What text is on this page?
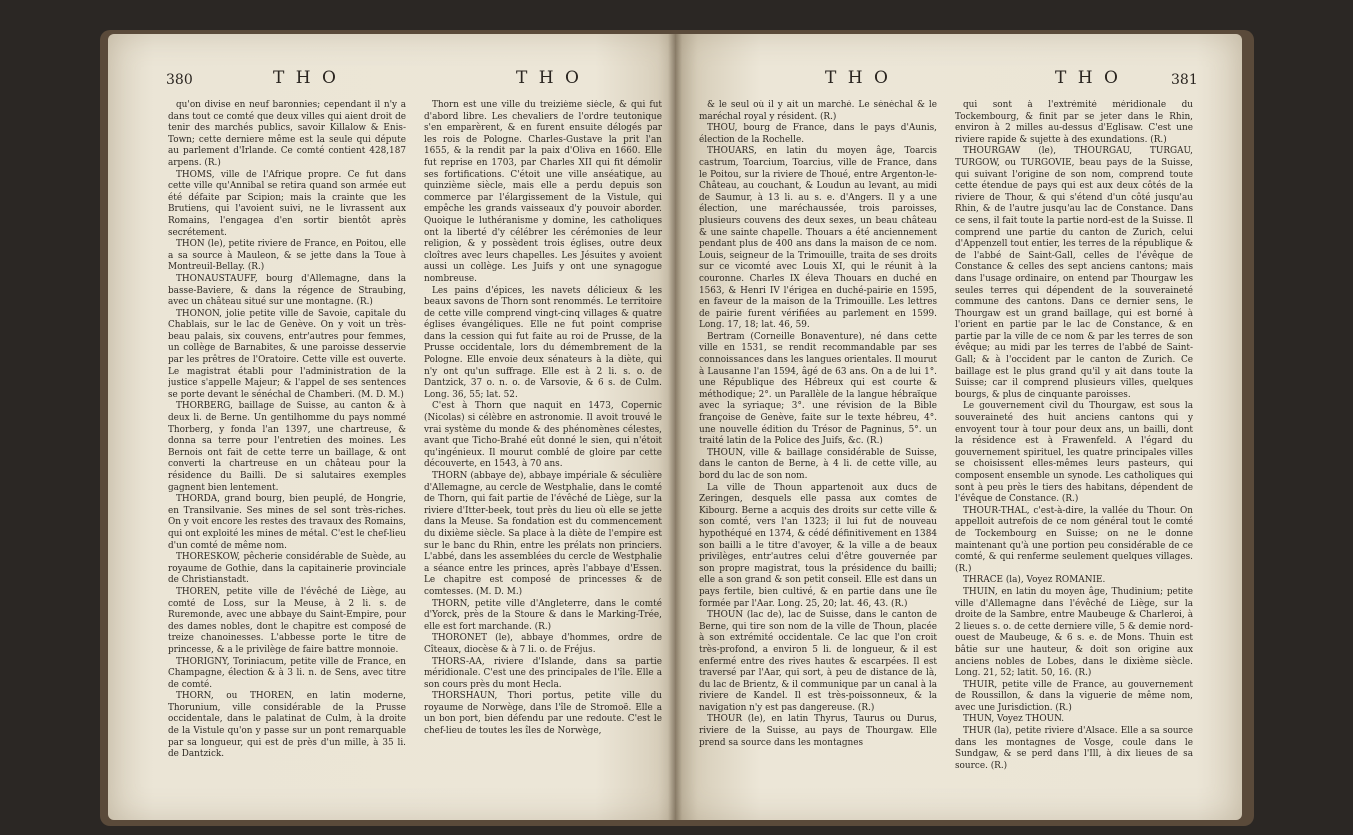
380	T H O	T H O

qu'on divise en neuf baronnies; cependant il n'y a dans tout ce comté que deux villes qui aient droit de tenir des marchés publics, savoir Killalow & Enis-Town; cette derniere même est la seule qui députe au parlement d'Irlande. Ce comté contient 428,187 arpens. (R.)

THOMS, ville de l'Afrique propre. Ce fut dans cette ville qu'Annibal se retira quand son armée eut été défaite par Scipion; mais la crainte que les Brutiens, qui l'avoient suivi, ne le livrassent aux Romains, l'engagea d'en sortir bientôt après secrétement.

THON (le), petite riviere de France, en Poitou, elle a sa source à Mauleon, & se jette dans la Toue à Montreuil-Bellay. (R.)

THONAUSTAUFF, bourg d'Allemagne, dans la basse-Baviere, & dans la régence de Straubing, avec un château situé sur une montagne. (R.)

THONON, jolie petite ville de Savoie, capitale du Chablais, sur le lac de Genève. On y voit un très-beau palais, six couvens, entr'autres pour femmes, un collège de Barnabites, & une paroisse desservie par les prêtres de l'Oratoire. Cette ville est ouverte. Le magistrat établi pour l'administration de la justice s'appelle Majeur; & l'appel de ses sentences se porte devant le sénéchal de Chamberi. (M. D. M.)

THORBERG, baillage de Suisse, au canton & à deux li. de Berne. Un gentilhomme du pays nommé Thorberg, y fonda l'an 1397, une chartreuse, & donna sa terre pour l'entretien des moines. Les Bernois ont fait de cette terre un baillage, & ont converti la chartreuse en un château pour la résidence du Bailli. De si salutaires exemples gagnent bien lentement.

THORDA, grand bourg, bien peuplé, de Hongrie, en Transilvanie. Ses mines de sel sont très-riches. On y voit encore les restes des travaux des Romains, qui ont exploité les mines de métal. C'est le chef-lieu d'un comté de même nom.

THORESKOW, pêcherie considérable de Suède, au royaume de Gothie, dans la capitainerie provinciale de Christianstadt.

THOREN, petite ville de l'évêché de Liège, au comté de Loss, sur la Meuse, à 2 li. s. de Ruremonde, avec une abbaye du Saint-Empire, pour des dames nobles, dont le chapitre est composé de treize chanoinesses. L'abbesse porte le titre de princesse, & a le privilège de faire battre monnoie.

THORIGNY, Toriniacum, petite ville de France, en Champagne, élection & à 3 li. n. de Sens, avec titre de comté.

THORN, ou THOREN, en latin moderne, Thorunium, ville considérable de la Prusse occidentale, dans le palatinat de Culm, à la droite de la Vistule qu'on y passe sur un pont remarquable par sa longueur, qui est de près d'un mille, à 35 li. de Dantzick.

Thorn est une ville du treizième siècle, & qui fut d'abord libre. Les chevaliers de l'ordre teutonique s'en emparèrent, & en furent ensuite délogés par les rois de Pologne. Charles-Gustave la prit l'an 1655, & la rendit par la paix d'Oliva en 1660. Elle fut reprise en 1703, par Charles XII qui fit démolir ses fortifications. C'étoit une ville anséatique, au quinzième siècle, mais elle a perdu depuis son commerce par l'élargissement de la Vistule, qui empêche les grands vaisseaux d'y pouvoir aborder. Quoique le luthéranisme y domine, les catholiques ont la liberté d'y célébrer les cérémonies de leur religion, & y possèdent trois églises, outre deux cloîtres avec leurs chapelles. Les Jésuites y avoient aussi un collège. Les Juifs y ont une synagogue nombreuse.

Les pains d'épices, les navets délicieux & les beaux savons de Thorn sont renommés. Le territoire de cette ville comprend vingt-cinq villages & quatre églises évangéliques. Elle ne fut point comprise dans la cession qui fut faite au roi de Prusse, de la Prusse occidentale, lors du démembrement de la Pologne. Elle envoie deux sénateurs à la diète, qui n'y ont qu'un suffrage. Elle est à 2 li. s. o. de Dantzick, 37 o. n. o. de Varsovie, & 6 s. de Culm. Long. 36, 55; lat. 52.

C'est à Thorn que naquit en 1473, Copernic (Nicolas) si célèbre en astronomie. Il avoit trouvé le vrai système du monde & des phénomènes célestes, avant que Ticho-Brahé eût donné le sien, qui n'étoit qu'ingénieux. Il mourut comblé de gloire par cette découverte, en 1543, à 70 ans.

THORN (abbaye de), abbaye impériale & séculière d'Allemagne, au cercle de Westphalie, dans le comté de Thorn, qui fait partie de l'évêché de Liège, sur la riviere d'Itter-beek, tout près du lieu où elle se jette dans la Meuse. Sa fondation est du commencement du dixième siècle. Sa place à la diète de l'empire est sur le banc du Rhin, entre les prélats non princiers. L'abbé, dans les assemblées du cercle de Westphalie a séance entre les princes, après l'abbaye d'Essen. Le chapitre est composé de princesses & de comtesses. (M. D. M.)

THORN, petite ville d'Angleterre, dans le comté d'Yorck, près de la Stoure & dans le Marking-Trée, elle est fort marchande. (R.)

THORONET (le), abbaye d'hommes, ordre de Cîteaux, diocèse & à 7 li. o. de Fréjus.

THORS-AA, riviere d'Islande, dans sa partie méridionale. C'est une des principales de l'île. Elle a son cours près du mont Hecla.

THORSHAUN, Thori portus, petite ville du royaume de Norwège, dans l'île de Stromoë. Elle a un bon port, bien défendu par une redoute. C'est le chef-lieu de toutes les îles de Norwège,

T H O	T H O	381

& le seul où il y ait un marché. Le sénéchal & le maréchal royal y résident. (R.)

THOU, bourg de France, dans le pays d'Aunis, élection de la Rochelle.

THOUARS, en latin du moyen âge, Toarcis castrum, Toarcium, Toarcius, ville de France, dans le Poitou, sur la riviere de Thoué, entre Argenton-le-Château, au couchant, & Loudun au levant, au midi de Saumur, à 13 li. au s. e. d'Angers. Il y a une élection, une maréchaussée, trois paroisses, plusieurs couvens des deux sexes, un beau château & une sainte chapelle. Thouars a été anciennement pendant plus de 400 ans dans la maison de ce nom. Louis, seigneur de la Trimouille, traita de ses droits sur ce vicomté avec Louis XI, qui le réunit à la couronne. Charles IX éleva Thouars en duché en 1563, & Henri IV l'érigea en duché-pairie en 1595, en faveur de la maison de la Trimouille. Les lettres de pairie furent vérifiées au parlement en 1599. Long. 17, 18; lat. 46, 59.

Bertram (Corneille Bonaventure), né dans cette ville en 1531, se rendit recommandable par ses connoissances dans les langues orientales. Il mourut à Lausanne l'an 1594, âgé de 63 ans. On a de lui 1°. une République des Hébreux qui est courte & méthodique; 2°. un Parallèle de la langue hébraïque avec la syriaque; 3°. une révision de la Bible françoise de Genève, faite sur le texte hébreu, 4°. une nouvelle édition du Trésor de Pagninus, 5°. un traité latin de la Police des Juifs, &c. (R.)

THOUN, ville & baillage considérable de Suisse, dans le canton de Berne, à 4 li. de cette ville, au bord du lac de son nom.

La ville de Thoun appartenoit aux ducs de Zeringen, desquels elle passa aux comtes de Kibourg. Berne a acquis des droits sur cette ville & son comté, vers l'an 1323; il lui fut de nouveau hypothéqué en 1374, & cédé définitivement en 1384 son bailli a le titre d'avoyer, & la ville a de beaux privilèges, entr'autres celui d'être gouvernée par son propre magistrat, tous la présidence du bailli; elle a son grand & son petit conseil. Elle est dans un pays fertile, bien cultivé, & en partie dans une île formée par l'Aar. Long. 25, 20; lat. 46, 43. (R.)

THOUN (lac de), lac de Suisse, dans le canton de Berne, qui tire son nom de la ville de Thoun, placée à son extrémité occidentale. Ce lac que l'on croit très-profond, a environ 5 li. de longueur, & il est enfermé entre des rives hautes & escarpées. Il est traversé par l'Aar, qui sort, à peu de distance de là, du lac de Brientz, & il communique par un canal à la riviere de Kandel. Il est très-poissonneux, & la navigation n'y est pas dangereuse. (R.)

THOUR (le), en latin Thyrus, Taurus ou Durus, riviere de la Suisse, au pays de Thourgaw. Elle prend sa source dans les montagnes

qui sont à l'extrémité méridionale du Tockembourg, & finit par se jeter dans le Rhin, environ à 2 milles au-dessus d'Eglisaw. C'est une riviere rapide & sujette à des exundations. (R.)

THOURGAW (le), THOURGAU, TURGAU, TURGOW, ou TURGOVIE, beau pays de la Suisse, qui suivant l'origine de son nom, comprend toute cette étendue de pays qui est aux deux côtés de la riviere de Thour, & qui s'étend d'un côté jusqu'au Rhin, & de l'autre jusqu'au lac de Constance. Dans ce sens, il fait toute la partie nord-est de la Suisse. Il comprend une partie du canton de Zurich, celui d'Appenzell tout entier, les terres de la république & de l'abbé de Saint-Gall, celles de l'évêque de Constance & celles des sept anciens cantons; mais dans l'usage ordinaire, on entend par Thourgaw les seules terres qui dépendent de la souveraineté commune des cantons. Dans ce dernier sens, le Thourgaw est un grand baillage, qui est borné à l'orient en partie par le lac de Constance, & en partie par la ville de ce nom & par les terres de son évêque; au midi par les terres de l'abbé de Saint-Gall; & à l'occident par le canton de Zurich. Ce baillage est le plus grand qu'il y ait dans toute la Suisse; car il comprend plusieurs villes, quelques bourgs, & plus de cinquante paroisses.

Le gouvernement civil du Thourgaw, est sous la souveraineté des huit anciens cantons qui y envoyent tour à tour pour deux ans, un bailli, dont la résidence est à Frawenfeld. A l'égard du gouvernement spirituel, les quatre principales villes se choisissent elles-mêmes leurs pasteurs, qui composent ensemble un synode. Les catholiques qui sont à peu près le tiers des habitans, dépendent de l'évêque de Constance. (R.)

THOUR-THAL, c'est-à-dire, la vallée du Thour. On appelloit autrefois de ce nom général tout le comté de Tockembourg en Suisse; on ne le donne maintenant qu'à une portion peu considérable de ce comté, & qui renferme seulement quelques villages. (R.)

THRACE (la), Voyez ROMANIE.

THUIN, en latin du moyen âge, Thudinium; petite ville d'Allemagne dans l'évêché de Liège, sur la droite de la Sambre, entre Maubeuge & Charleroi, à 2 lieues s. o. de cette derniere ville, 5 & demie nord-ouest de Maubeuge, & 6 s. e. de Mons. Thuin est bâtie sur une hauteur, & doit son origine aux anciens nobles de Lobes, dans le dixième siècle. Long. 21, 52; latit. 50, 16. (R.)

THUIR, petite ville de France, au gouvernement de Roussillon, & dans la viguerie de même nom, avec une Jurisdiction. (R.)

THUN, Voyez THOUN.

THUR (la), petite riviere d'Alsace. Elle a sa source dans les montagnes de Vosge, coule dans le Sundgaw, & se perd dans l'Ill, à dix lieues de sa source. (R.)
